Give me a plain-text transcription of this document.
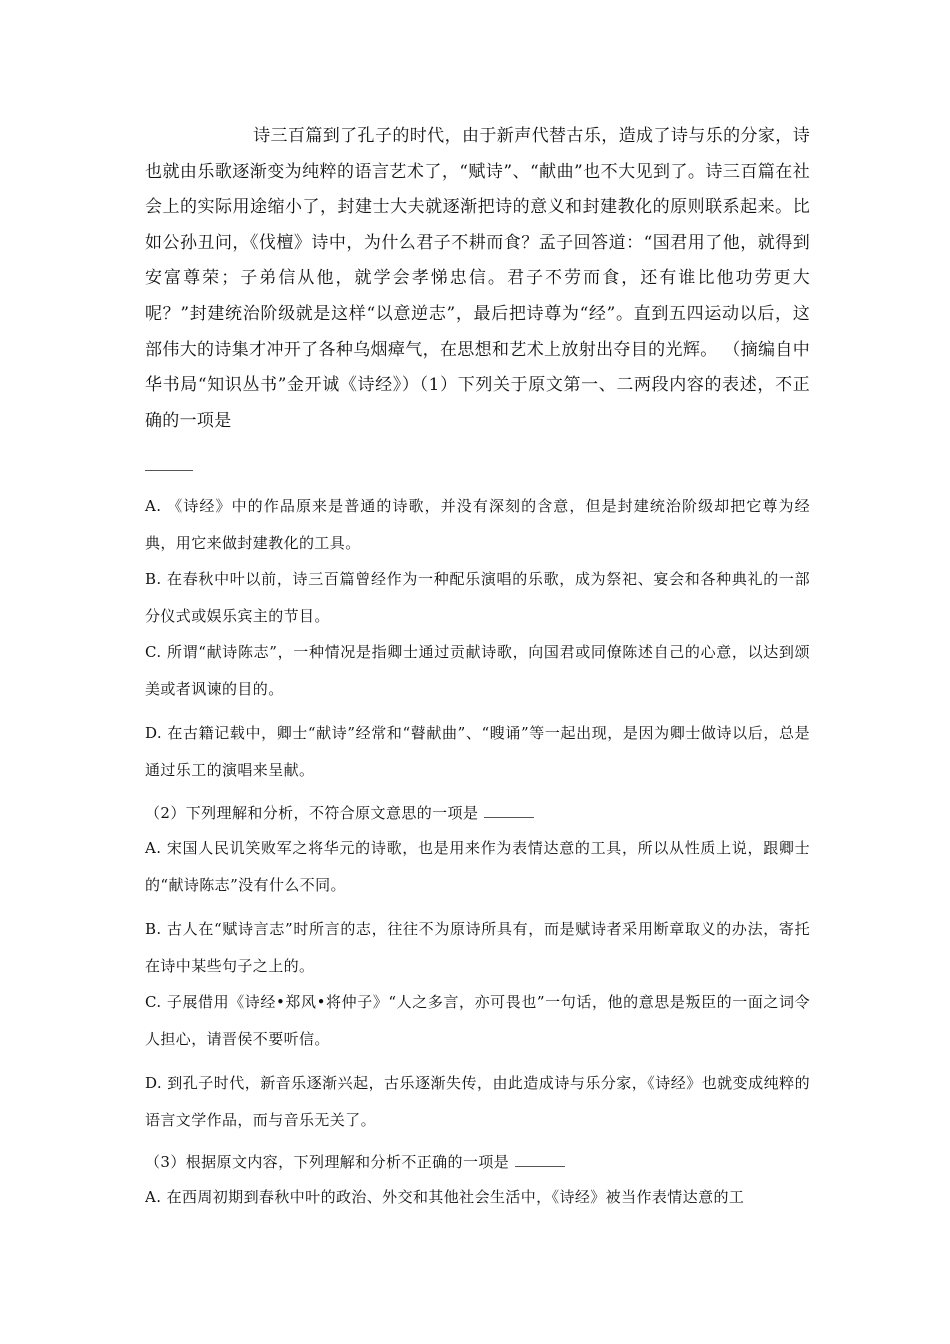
诗三百篇到了孔子的时代，由于新声代替古乐，造成了诗与乐的分家，诗也就由乐歌逐渐变为纯粹的语言艺术了，“赋诗”、“献曲”也不大见到了。诗三百篇在社会上的实际用途缩小了，封建士大夫就逐渐把诗的意义和封建教化的原则联系起来。比如公孙丑问，《伐檀》诗中，为什么君子不耕而食？孟子回答道：“国君用了他，就得到安富尊荣；子弟信从他，就学会孝悌忠信。君子不劳而食，还有谁比他功劳更大呢？”封建统治阶级就是这样“以意逆志”，最后把诗尊为“经”。直到五四运动以后，这部伟大的诗集才冲开了各种乌烟瘴气，在思想和艺术上放射出夺目的光辉。 （摘编自中华书局“知识丛书”金开诚《诗经》）（1）下列关于原文第一、二两段内容的表述，不正确的一项是
A. 《诗经》中的作品原来是普通的诗歌，并没有深刻的含意，但是封建统治阶级却把它尊为经典，用它来做封建教化的工具。
B. 在春秋中叶以前，诗三百篇曾经作为一种配乐演唱的乐歌，成为祭祀、宴会和各种典礼的一部分仪式或娱乐宾主的节目。
C. 所谓“献诗陈志”，一种情况是指卿士通过贡献诗歌，向国君或同僚陈述自己的心意，以达到颂美或者讽谏的目的。
D. 在古籍记载中，卿士“献诗”经常和“瞽献曲”、“瞍诵”等一起出现，是因为卿士做诗以后，总是通过乐工的演唱来呈献。
（2）下列理解和分析，不符合原文意思的一项是
A. 宋国人民讥笑败军之将华元的诗歌，也是用来作为表情达意的工具，所以从性质上说，跟卿士的“献诗陈志”没有什么不同。
B. 古人在“赋诗言志”时所言的志，往往不为原诗所具有，而是赋诗者采用断章取义的办法，寄托在诗中某些句子之上的。
C. 子展借用《诗经•郑风•将仲子》“人之多言，亦可畏也”一句话，他的意思是叛臣的一面之词令人担心，请晋侯不要听信。
D. 到孔子时代，新音乐逐渐兴起，古乐逐渐失传，由此造成诗与乐分家，《诗经》也就变成纯粹的语言文学作品，而与音乐无关了。
（3）根据原文内容，下列理解和分析不正确的一项是
A. 在西周初期到春秋中叶的政治、外交和其他社会生活中，《诗经》被当作表情达意的工
